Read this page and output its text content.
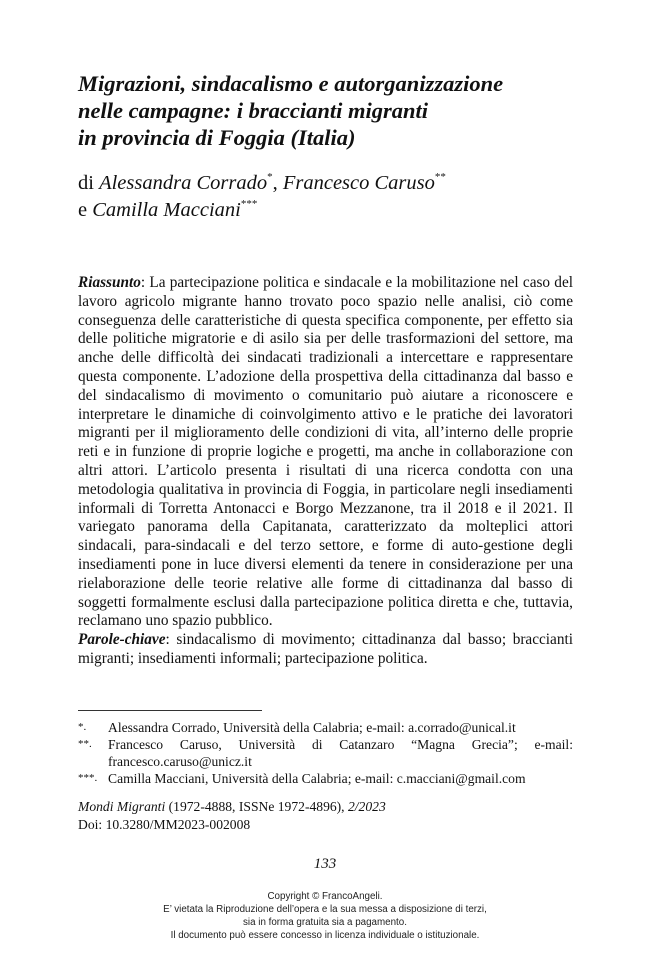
Migrazioni, sindacalismo e autorganizzazione
nelle campagne: i braccianti migranti
in provincia di Foggia (Italia)
di Alessandra Corrado*, Francesco Caruso**
e Camilla Macciani***

Riassunto: La partecipazione politica e sindacale e la mobilitazione nel caso del lavoro agricolo migrante hanno trovato poco spazio nelle analisi, ciò come conseguenza delle caratteristiche di questa specifica componente, per effetto sia delle politiche migratorie e di asilo sia per delle trasformazioni del settore, ma anche delle difficoltà dei sindacati tradizionali a intercettare e rappresentare questa componente. L’adozione della prospettiva della cittadinanza dal basso e del sindacalismo di movimento o comunitario può aiutare a riconoscere e interpretare le dinamiche di coinvolgimento attivo e le pratiche dei lavoratori migranti per il miglioramento delle condizioni di vita, all’interno delle proprie reti e in funzione di proprie logiche e progetti, ma anche in collaborazione con altri attori. L’articolo presenta i risultati di una ricerca condotta con una metodologia qualitativa in provincia di Foggia, in particolare negli insediamenti informali di Torretta Antonacci e Borgo Mezzanone, tra il 2018 e il 2021. Il variegato panorama della Capitanata, caratterizzato da molteplici attori sindacali, para-sindacali e del terzo settore, e forme di auto-gestione degli insediamenti pone in luce diversi elementi da tenere in considerazione per una rielaborazione delle teorie relative alle forme di cittadinanza dal basso di soggetti formalmente esclusi dalla partecipazione politica diretta e che, tuttavia, reclamano uno spazio pubblico.

Parole-chiave: sindacalismo di movimento; cittadinanza dal basso; braccianti migranti; insediamenti informali; partecipazione politica.

*.	Alessandra Corrado, Università della Calabria; e-mail: a.corrado@unical.it
**.	Francesco Caruso, Università di Catanzaro “Magna Grecia”; e-mail:
francesco.caruso@unicz.it
***. Camilla Macciani, Università della Calabria; e-mail: c.macciani@gmail.com
Mondi Migranti (1972-4888, ISSNe 1972-4896), 2/2023
Doi: 10.3280/MM2023-002008
133
Copyright © FrancoAngeli.
E’ vietata la Riproduzione dell’opera e la sua messa a disposizione di terzi,
sia in forma gratuita sia a pagamento.
Il documento può essere concesso in licenza individuale o istituzionale.
